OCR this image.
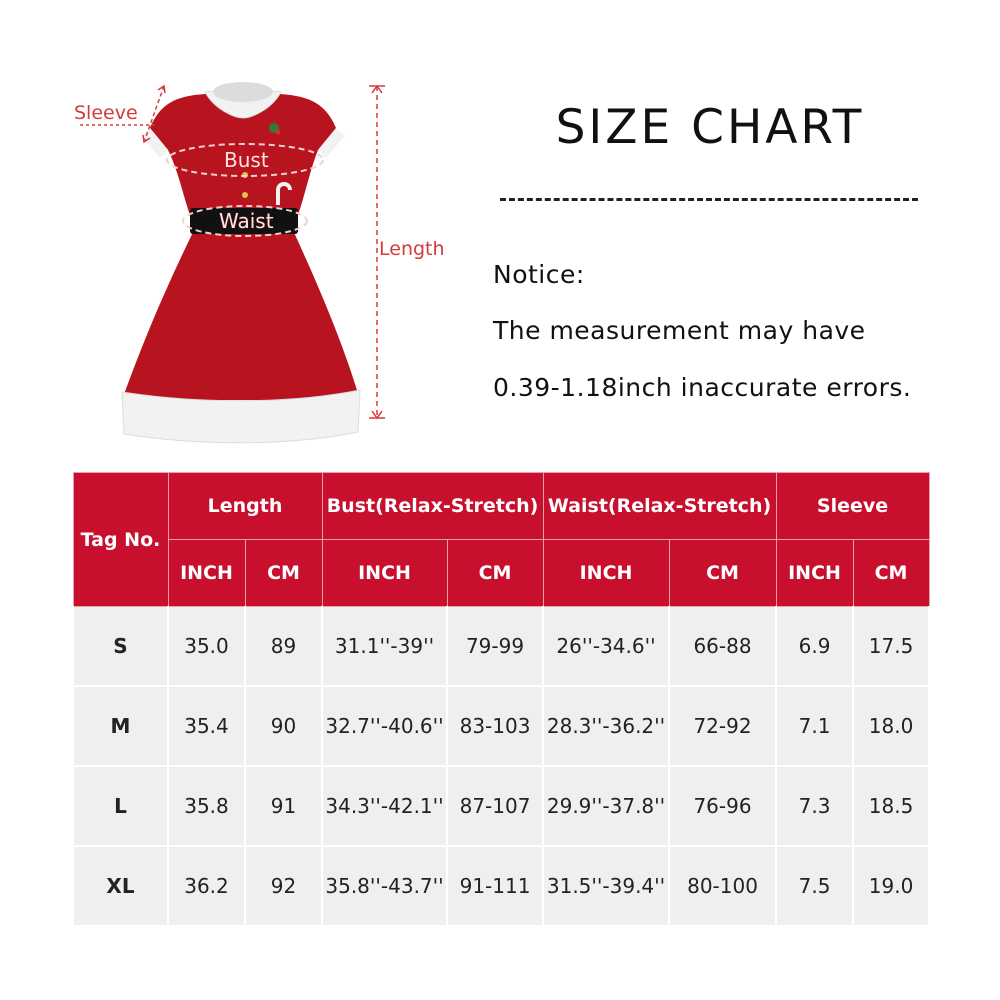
Sleeve
Length
Bust
Waist
SIZE CHART
Notice:
The measurement may have
0.39-1.18inch inaccurate errors.
Tag No.	Length		Bust(Relax-Stretch)		Waist(Relax-Stretch)		Sleeve	
	INCH	CM	INCH	CM	INCH	CM	INCH	CM
S	35.0	89	31.1''-39''	79-99	26''-34.6''	66-88	6.9	17.5
M	35.4	90	32.7''-40.6''	83-103	28.3''-36.2''	72-92	7.1	18.0
L	35.8	91	34.3''-42.1''	87-107	29.9''-37.8''	76-96	7.3	18.5
XL	36.2	92	35.8''-43.7''	91-111	31.5''-39.4''	80-100	7.5	19.0
